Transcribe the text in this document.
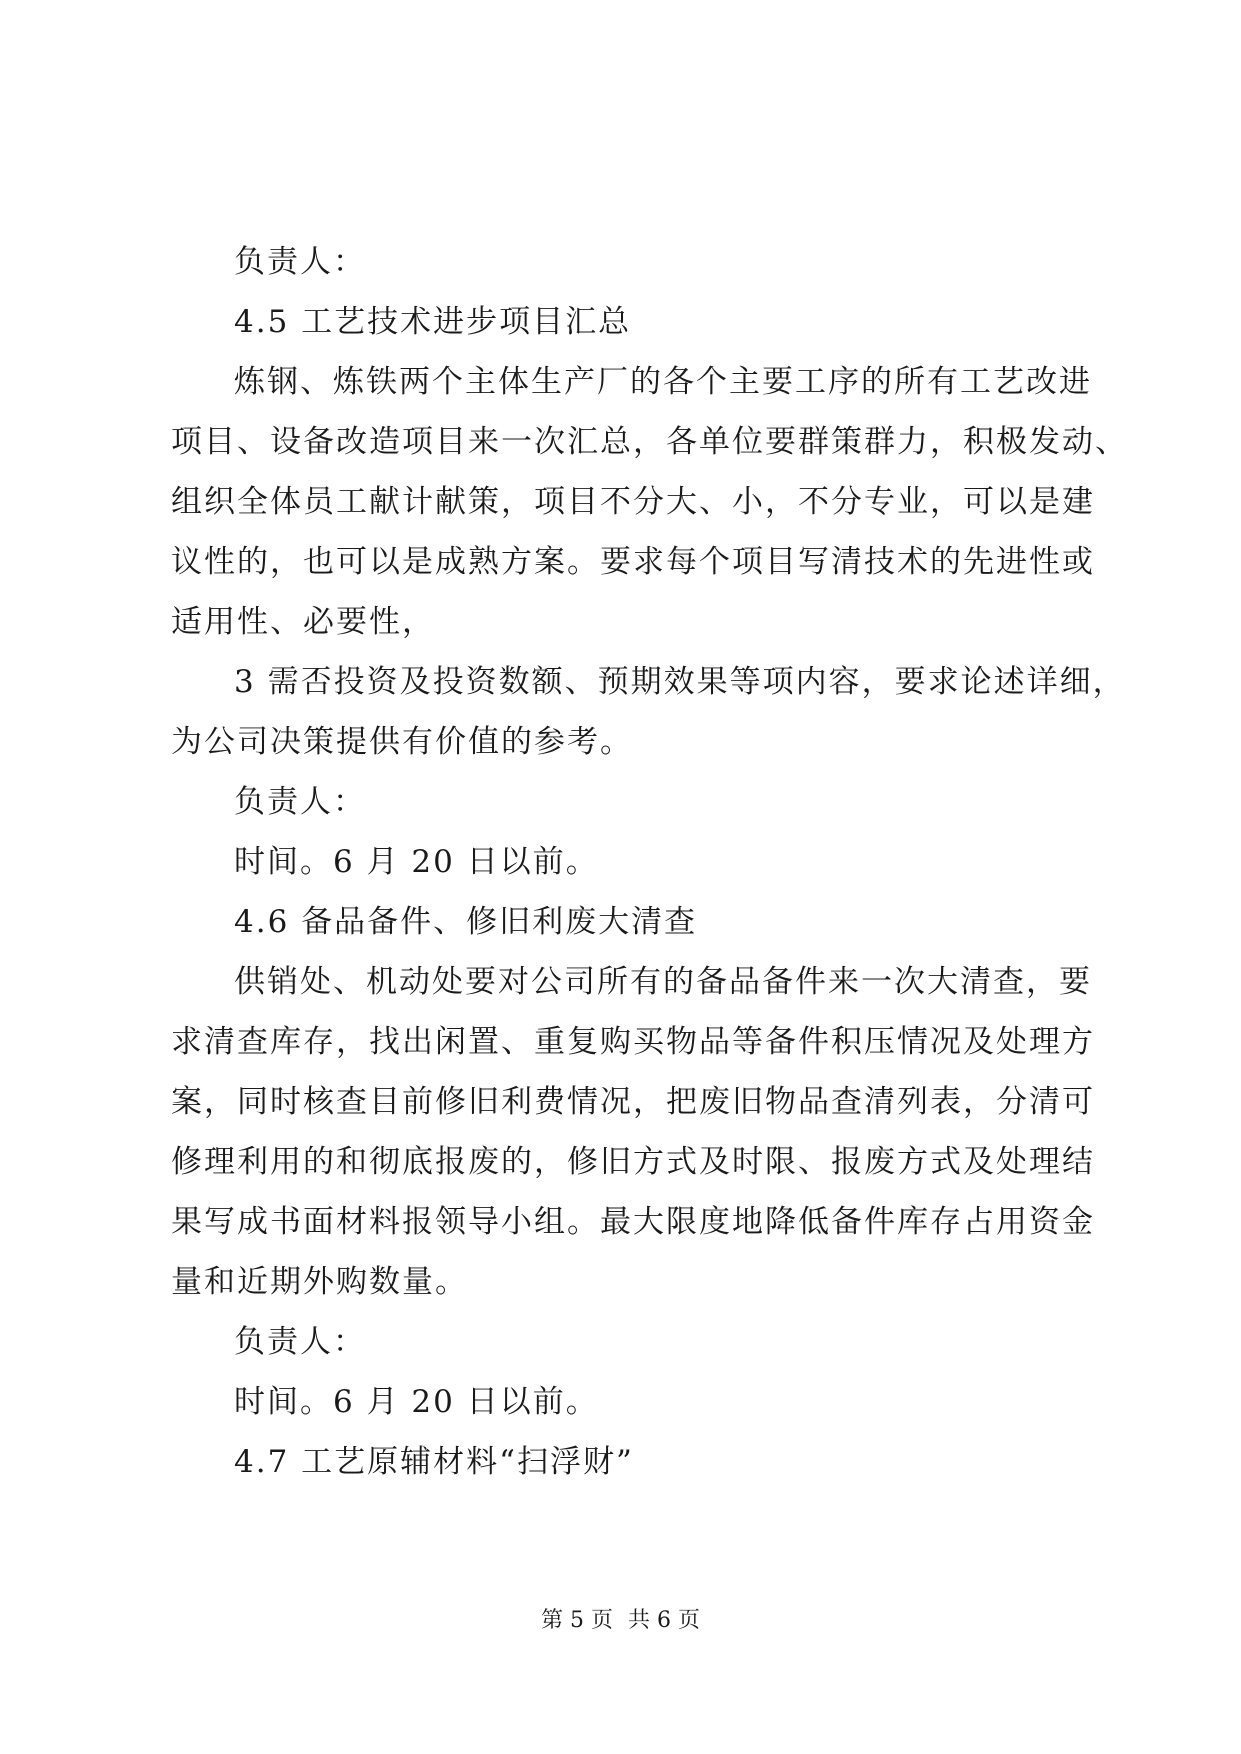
负责人：
4.5 工艺技术进步项目汇总
炼钢、炼铁两个主体生产厂的各个主要工序的所有工艺改进
项目、设备改造项目来一次汇总，各单位要群策群力，积极发动、
组织全体员工献计献策，项目不分大、小，不分专业，可以是建
议性的，也可以是成熟方案。要求每个项目写清技术的先进性或
适用性、必要性，
3 需否投资及投资数额、预期效果等项内容，要求论述详细，
为公司决策提供有价值的参考。
负责人：
时间。6 月 20 日以前。
4.6 备品备件、修旧利废大清查
供销处、机动处要对公司所有的备品备件来一次大清查，要
求清查库存，找出闲置、重复购买物品等备件积压情况及处理方
案，同时核查目前修旧利费情况，把废旧物品查清列表，分清可
修理利用的和彻底报废的，修旧方式及时限、报废方式及处理结
果写成书面材料报领导小组。最大限度地降低备件库存占用资金
量和近期外购数量。
负责人：
时间。6 月 20 日以前。
4.7 工艺原辅材料“扫浮财”
第 5 页 共 6 页
